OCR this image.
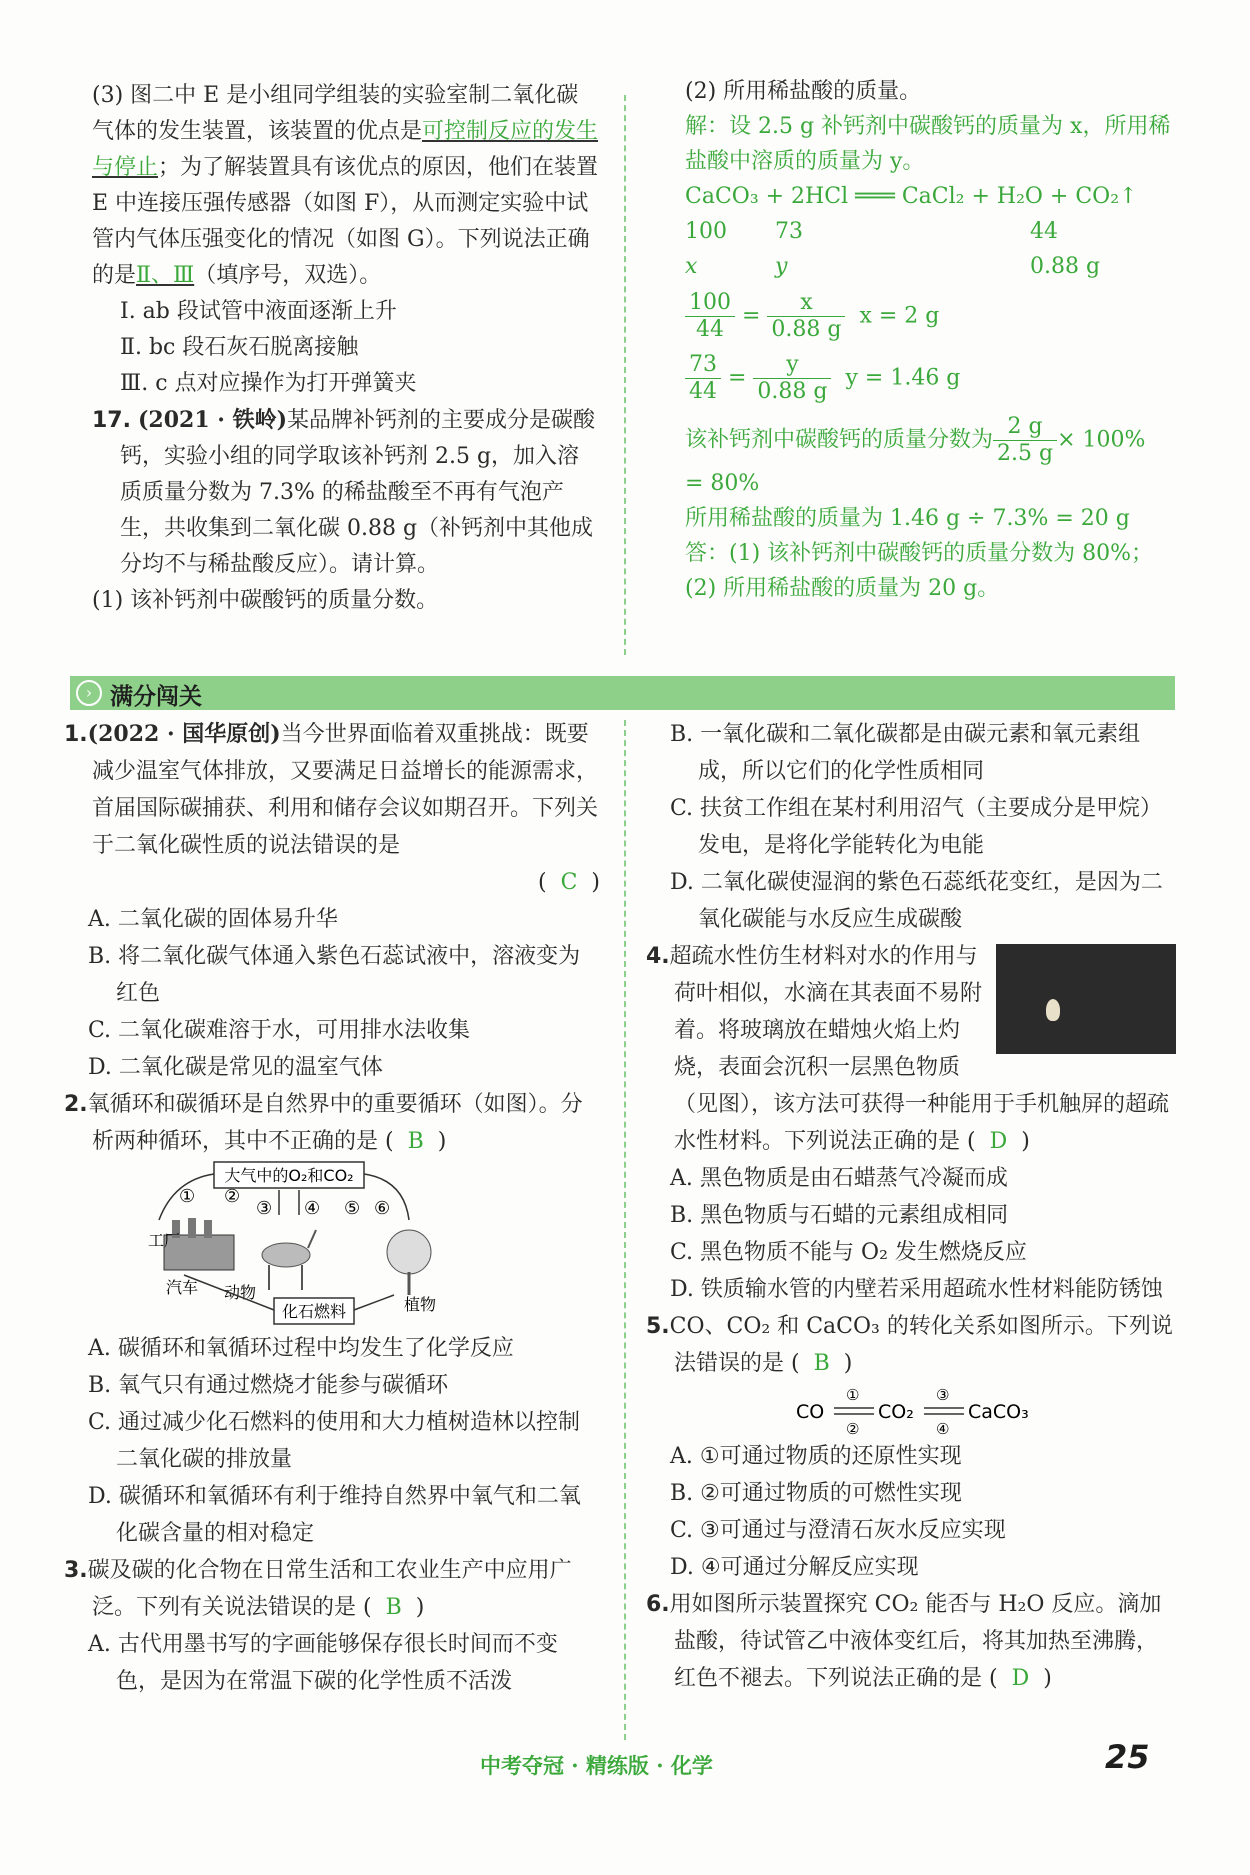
(3) 图二中 E 是小组同学组装的实验室制二氧化碳气体的发生装置，该装置的优点是可控制反应的发生与停止；为了解装置具有该优点的原因，他们在装置 E 中连接压强传感器（如图 F），从而测定实验中试管内气体压强变化的情况（如图 G）。下列说法正确的是Ⅱ、Ⅲ（填序号，双选）。

Ⅰ. ab 段试管中液面逐渐上升

Ⅱ. bc 段石灰石脱离接触

Ⅲ. c 点对应操作为打开弹簧夹

17. (2021 · 铁岭)某品牌补钙剂的主要成分是碳酸钙，实验小组的同学取该补钙剂 2.5 g，加入溶质质量分数为 7.3% 的稀盐酸至不再有气泡产生，共收集到二氧化碳 0.88 g（补钙剂中其他成分均不与稀盐酸反应）。请计算。

(1) 该补钙剂中碳酸钙的质量分数。

(2) 所用稀盐酸的质量。

解：设 2.5 g 补钙剂中碳酸钙的质量为 x，所用稀盐酸中溶质的质量为 y。

CaCO₃ + 2HCl ═══ CaCl₂ + H₂O + CO₂↑

100 73	44
x	y	0.88 g
$\frac{100}{44} = \frac{x}{0.88 g}$ x = 2 g
$\frac{73}{44} = \frac{y}{0.88 g}$ y = 1.46 g
该补钙剂中碳酸钙的质量分数为 $\frac{2 g}{2.5 g} \times 100\%$

= 80%

所用稀盐酸的质量为 1.46 g ÷ 7.3% = 20 g

答：(1) 该补钙剂中碳酸钙的质量分数为 80%；

(2) 所用稀盐酸的质量为 20 g。

› 满分闯关

1.(2022 · 国华原创)当今世界面临着双重挑战：既要减少温室气体排放，又要满足日益增长的能源需求，首届国际碳捕获、利用和储存会议如期召开。下列关于二氧化碳性质的说法错误的是

(  C  )

A. 二氧化碳的固体易升华

B. 将二氧化碳气体通入紫色石蕊试液中，溶液变为红色

C. 二氧化碳难溶于水，可用排水法收集

D. 二氧化碳是常见的温室气体

2.氧循环和碳循环是自然界中的重要循环（如图）。分析两种循环，其中不正确的是 (  B  )

大气中的O₂和CO₂
① ②
③ ④ ⑤ ⑥
工厂
汽车 动物
植物
化石燃料

A. 碳循环和氧循环过程中均发生了化学反应

B. 氧气只有通过燃烧才能参与碳循环

C. 通过减少化石燃料的使用和大力植树造林以控制二氧化碳的排放量

D. 碳循环和氧循环有利于维持自然界中氧气和二氧化碳含量的相对稳定

3.碳及碳的化合物在日常生活和工农业生产中应用广泛。下列有关说法错误的是 (  B  )

A. 古代用墨书写的字画能够保存很长时间而不变色，是因为在常温下碳的化学性质不活泼

B. 一氧化碳和二氧化碳都是由碳元素和氧元素组成，所以它们的化学性质相同

C. 扶贫工作组在某村利用沼气（主要成分是甲烷）发电，是将化学能转化为电能

D. 二氧化碳使湿润的紫色石蕊纸花变红，是因为二氧化碳能与水反应生成碳酸

4.超疏水性仿生材料对水的作用与荷叶相似，水滴在其表面不易附着。将玻璃放在蜡烛火焰上灼烧，表面会沉积一层黑色物质（见图），该方法可获得一种能用于手机触屏的超疏水性材料。下列说法正确的是 (  D  )

A. 黑色物质是由石蜡蒸气冷凝而成

B. 黑色物质与石蜡的元素组成相同

C. 黑色物质不能与 O₂ 发生燃烧反应

D. 铁质输水管的内壁若采用超疏水性材料能防锈蚀

5.CO、CO₂ 和 CaCO₃ 的转化关系如图所示。下列说法错误的是 (  B  )

CO
①
②
CO₂
③
④
CaCO₃

A. ①可通过物质的还原性实现

B. ②可通过物质的可燃性实现

C. ③可通过与澄清石灰水反应实现

D. ④可通过分解反应实现

6.用如图所示装置探究 CO₂ 能否与 H₂O 反应。滴加盐酸，待试管乙中液体变红后，将其加热至沸腾，红色不褪去。下列说法正确的是 (  D  )

中考夺冠 · 精练版 · 化学	25
